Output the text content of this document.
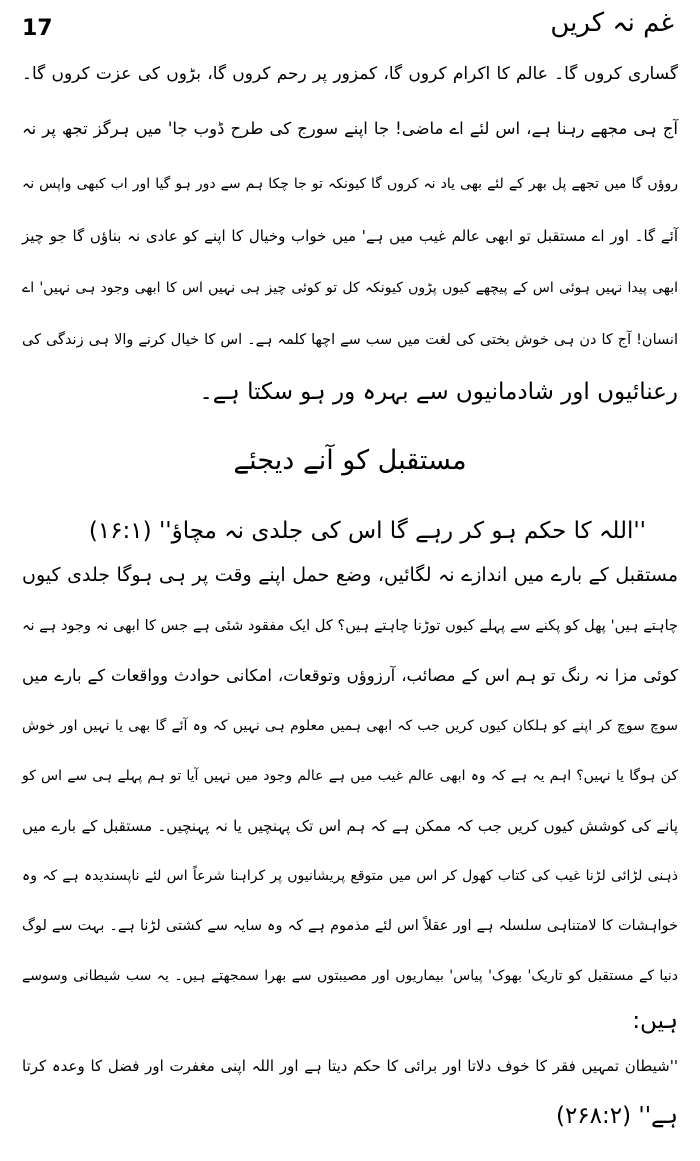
17	غم نہ کریں
گساری کروں گا۔ عالم کا اکرام کروں گا، کمزور پر رحم کروں گا، بڑوں کی عزت کروں گا۔
آج ہی مجھے رہنا ہے، اس لئے اے ماضی! جا اپنے سورج کی طرح ڈوب جا' میں ہرگز تجھ پر نہ
روؤں گا میں تجھے پل بھر کے لئے بھی یاد نہ کروں گا کیونکہ تو جا چکا ہم سے دور ہو گیا اور اب کبھی واپس نہ
آئے گا۔ اور اے مستقبل تو ابھی عالم غیب میں ہے' میں خواب وخیال کا اپنے کو عادی نہ بناؤں گا جو چیز
ابھی پیدا نہیں ہوئی اس کے پیچھے کیوں پڑوں کیونکہ کل تو کوئی چیز ہی نہیں اس کا ابھی وجود ہی نہیں' اے
انسان! آج کا دن ہی خوش بختی کی لغت میں سب سے اچھا کلمہ ہے۔ اس کا خیال کرنے والا ہی زندگی کی
رعنائیوں اور شادمانیوں سے بہرہ ور ہو سکتا ہے۔
مستقبل کو آنے دیجئے
''اللہ کا حکم ہو کر رہے گا اس کی جلدی نہ مچاؤ'' (۱۶:۱)
مستقبل کے بارے میں اندازے نہ لگائیں، وضع حمل اپنے وقت پر ہی ہوگا جلدی کیوں
چاہتے ہیں' پھل کو پکنے سے پہلے کیوں توڑنا چاہتے ہیں؟ کل ایک مفقود شئی ہے جس کا ابھی نہ وجود ہے نہ
کوئی مزا نہ رنگ تو ہم اس کے مصائب، آرزوؤں وتوقعات، امکانی حوادث وواقعات کے بارے میں
سوچ سوچ کر اپنے کو ہلکان کیوں کریں جب کہ ابھی ہمیں معلوم ہی نہیں کہ وہ آئے گا بھی یا نہیں اور خوش
کن ہوگا یا نہیں؟ اہم یہ ہے کہ وہ ابھی عالم غیب میں ہے عالم وجود میں نہیں آیا تو ہم پہلے ہی سے اس کو
پانے کی کوشش کیوں کریں جب کہ ممکن ہے کہ ہم اس تک پہنچیں یا نہ پہنچیں۔ مستقبل کے بارے میں
ذہنی لڑائی لڑنا غیب کی کتاب کھول کر اس میں متوقع پریشانیوں پر کراہنا شرعاً اس لئے ناپسندیدہ ہے کہ وہ
خواہشات کا لامتناہی سلسلہ ہے اور عقلاً اس لئے مذموم ہے کہ وہ سایہ سے کشتی لڑنا ہے۔ بہت سے لوگ
دنیا کے مستقبل کو تاریک' بھوک' پیاس' بیماریوں اور مصیبتوں سے بھرا سمجھتے ہیں۔ یہ سب شیطانی وسوسے
ہیں:
''شیطان تمہیں فقر کا خوف دلاتا اور برائی کا حکم دیتا ہے اور اللہ اپنی مغفرت اور فضل کا وعدہ کرتا
ہے'' (۲۶۸:۲)
